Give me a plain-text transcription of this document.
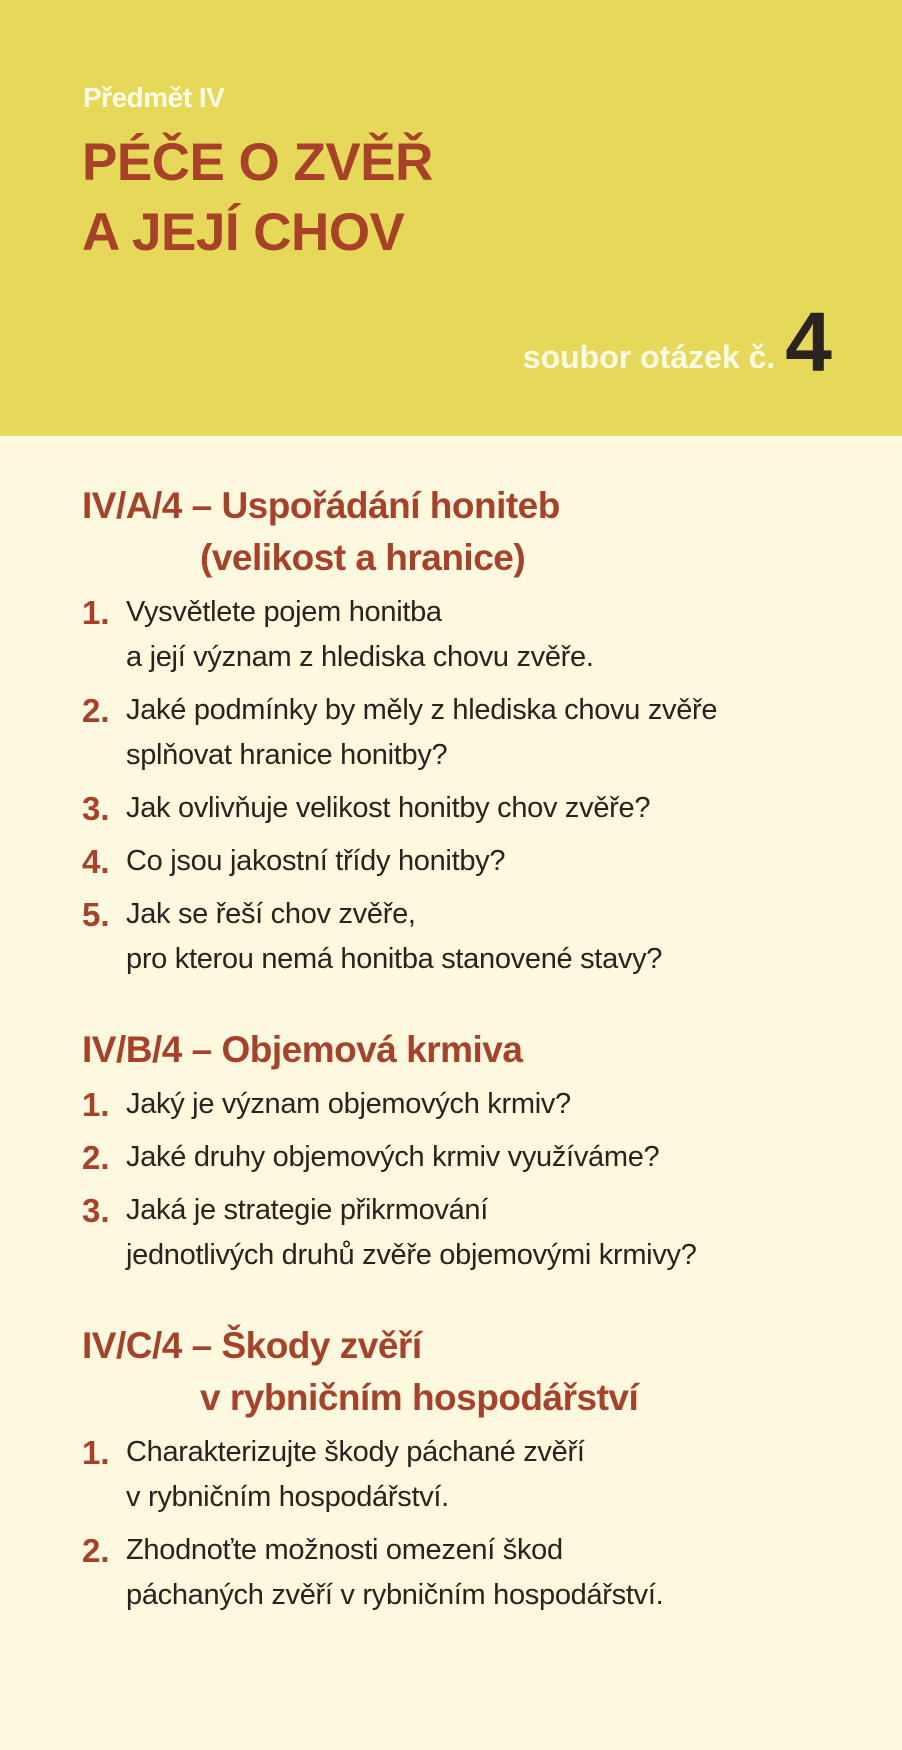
Předmět IV
PÉČE O ZVĚŘ
A JEJÍ CHOV
soubor otázek č. 4
IV/A/4 – Uspořádání honiteb
(velikost a hranice)
1. Vysvětlete pojem honitba
a její význam z hlediska chovu zvěře.
2. Jaké podmínky by měly z hlediska chovu zvěře
splňovat hranice honitby?
3. Jak ovlivňuje velikost honitby chov zvěře?
4. Co jsou jakostní třídy honitby?
5. Jak se řeší chov zvěře,
pro kterou nemá honitba stanovené stavy?
IV/B/4 – Objemová krmiva
1. Jaký je význam objemových krmiv?
2. Jaké druhy objemových krmiv využíváme?
3. Jaká je strategie přikrmování
jednotlivých druhů zvěře objemovými krmivy?
IV/C/4 – Škody zvěří
v rybničním hospodářství
1. Charakterizujte škody páchané zvěří
v rybničním hospodářství.
2. Zhodnoťte možnosti omezení škod
páchaných zvěří v rybničním hospodářství.
